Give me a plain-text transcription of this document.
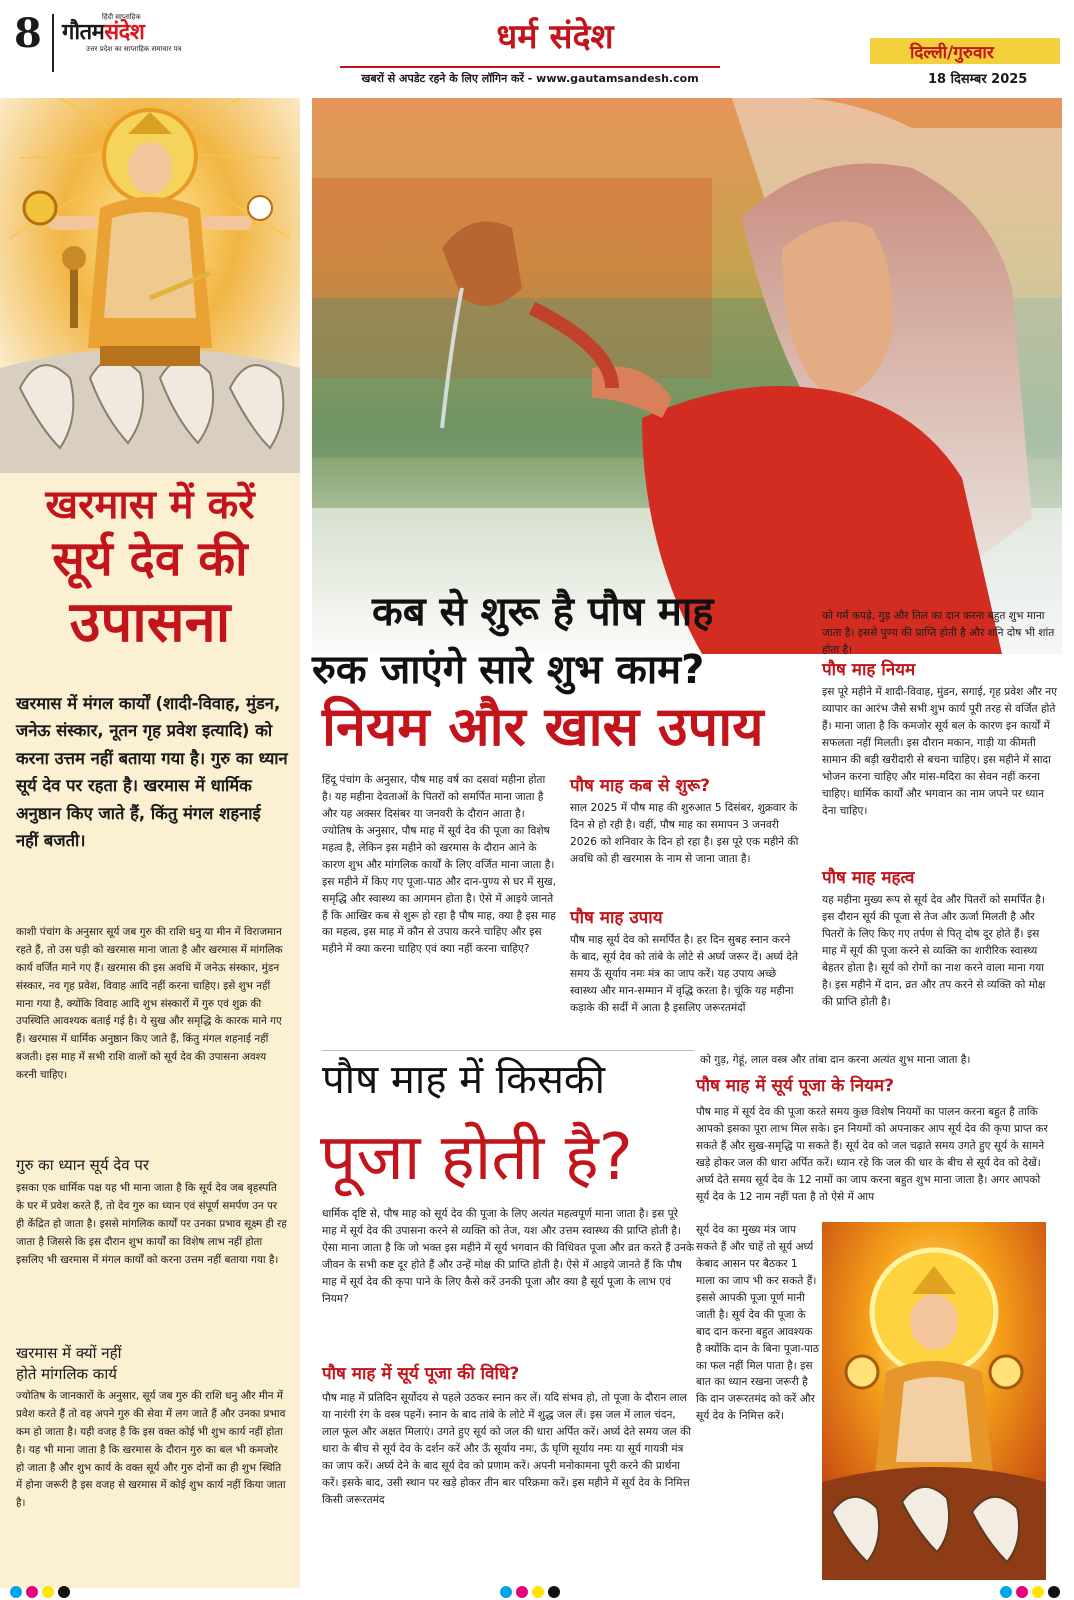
8	हिंदी साप्ताहिक
गौतमसंदेश
उत्तर प्रदेश का साप्ताहिक समाचार पत्र	धर्म संदेश
खबरों से अपडेट रहने के लिए लॉगिन करें - www.gautamsandesh.com
दिल्ली/गुरुवार
18 दिसम्बर 2025
खरमास में करें
सूर्य देव की
उपासना

खरमास में मंगल कार्यों (शादी-विवाह, मुंडन, जनेऊ संस्कार, नूतन गृह प्रवेश इत्यादि) को करना उत्तम नहीं बताया गया है। गुरु का ध्यान सूर्य देव पर रहता है। खरमास में धार्मिक अनुष्ठान किए जाते हैं, किंतु मंगल शहनाई नहीं बजती।

काशी पंचांग के अनुसार सूर्य जब गुरु की राशि धनु या मीन में विराजमान रहते हैं, तो उस घड़ी को खरमास माना जाता है और खरमास में मांगलिक कार्य वर्जित माने गए हैं। खरमास की इस अवधि में जनेऊ संस्कार, मुंडन संस्कार, नव गृह प्रवेश, विवाह आदि नहीं करना चाहिए। इसे शुभ नहीं माना गया है, क्योंकि विवाह आदि शुभ संस्कारों में गुरु एवं शुक्र की उपस्थिति आवश्यक बताई गई है। ये सुख और समृद्धि के कारक माने गए हैं। खरमास में धार्मिक अनुष्ठान किए जाते हैं, किंतु मंगल शहनाई नहीं बजती। इस माह में सभी राशि वालों को सूर्य देव की उपासना अवश्य करनी चाहिए।

गुरु का ध्यान सूर्य देव पर

इसका एक धार्मिक पक्ष यह भी माना जाता है कि सूर्य देव जब बृहस्पति के घर में प्रवेश करते हैं, तो देव गुरु का ध्यान एवं संपूर्ण समर्पण उन पर ही केंद्रित हो जाता है। इससे मांगलिक कार्यों पर उनका प्रभाव सूक्ष्म ही रह जाता है जिससे कि इस दौरान शुभ कार्यों का विशेष लाभ नहीं होता इसलिए भी खरमास में मंगल कार्यों को करना उत्तम नहीं बताया गया है।

खरमास में क्यों नहीं
होते मांगलिक कार्य

ज्योतिष के जानकारों के अनुसार, सूर्य जब गुरु की राशि धनु और मीन में प्रवेश करते हैं तो वह अपने गुरु की सेवा में लग जाते हैं और उनका प्रभाव कम हो जाता है। यही वजह है कि इस वक्त कोई भी शुभ कार्य नहीं होता है। यह भी माना जाता है कि खरमास के दौरान गुरु का बल भी कमजोर हो जाता है और शुभ कार्य के वक्त सूर्य और गुरु दोनों का ही शुभ स्थिति में होना जरूरी है इस वजह से खरमास में कोई शुभ कार्य नहीं किया जाता है।

कब से शुरू है पौष माह
रुक जाएंगे सारे शुभ काम?
नियम और खास उपाय

हिंदू पंचांग के अनुसार, पौष माह वर्ष का दसवां महीना होता है। यह महीना देवताओं के पितरों को समर्पित माना जाता है और यह अक्सर दिसंबर या जनवरी के दौरान आता है। ज्योतिष के अनुसार, पौष माह में सूर्य देव की पूजा का विशेष महत्व है, लेकिन इस महीने को खरमास के दौरान आने के कारण शुभ और मांगलिक कार्यों के लिए वर्जित माना जाता है। इस महीने में किए गए पूजा-पाठ और दान-पुण्य से घर में सुख, समृद्धि और स्वास्थ्य का आगमन होता है। ऐसे में आइये जानते हैं कि आखिर कब से शुरू हो रहा है पौष माह, क्या है इस माह का महत्व, इस माह में कौन से उपाय करने चाहिए और इस महीने में क्या करना चाहिए एवं क्या नहीं करना चाहिए?

पौष माह कब से शुरू?

साल 2025 में पौष माह की शुरुआत 5 दिसंबर, शुक्रवार के दिन से हो रही है। वहीं, पौष माह का समापन 3 जनवरी 2026 को शनिवार के दिन हो रहा है। इस पूरे एक महीने की अवधि को ही खरमास के नाम से जाना जाता है।

पौष माह उपाय

पौष माह सूर्य देव को समर्पित है। हर दिन सुबह स्नान करने के बाद, सूर्य देव को तांबे के लोटे से अर्घ्य जरूर दें। अर्घ्य देते समय ऊँ सूर्याय नमः मंत्र का जाप करें। यह उपाय अच्छे स्वास्थ्य और मान-सम्मान में वृद्धि करता है। चूंकि यह महीना कड़ाके की सर्दी में आता है इसलिए जरूरतमंदों

को गर्म कपड़े, गुड़ और तिल का दान करना बहुत शुभ माना जाता है। इससे पुण्य की प्राप्ति होती है और शनि दोष भी शांत होता है।

पौष माह नियम

इस पूरे महीने में शादी-विवाह, मुंडन, सगाई, गृह प्रवेश और नए व्यापार का आरंभ जैसे सभी शुभ कार्य पूरी तरह से वर्जित होते हैं। माना जाता है कि कमजोर सूर्य बल के कारण इन कार्यों में सफलता नहीं मिलती। इस दौरान मकान, गाड़ी या कीमती सामान की बड़ी खरीदारी से बचना चाहिए। इस महीने में सादा भोजन करना चाहिए और मांस-मदिरा का सेवन नहीं करना चाहिए। धार्मिक कार्यों और भगवान का नाम जपने पर ध्यान देना चाहिए।

पौष माह महत्व

यह महीना मुख्य रूप से सूर्य देव और पितरों को समर्पित है। इस दौरान सूर्य की पूजा से तेज और ऊर्जा मिलती है और पितरों के लिए किए गए तर्पण से पितृ दोष दूर होते हैं। इस माह में सूर्य की पूजा करने से व्यक्ति का शारीरिक स्वास्थ्य बेहतर होता है। सूर्य को रोगों का नाश करने वाला माना गया है। इस महीने में दान, व्रत और तप करने से व्यक्ति को मोक्ष की प्राप्ति होती है।

को गुड़, गेहूं, लाल वस्त्र और तांबा दान करना अत्यंत शुभ माना जाता है।

पौष माह में किसकी
पूजा होती है?

धार्मिक दृष्टि से, पौष माह को सूर्य देव की पूजा के लिए अत्यंत महत्वपूर्ण माना जाता है। इस पूरे माह में सूर्य देव की उपासना करने से व्यक्ति को तेज, यश और उत्तम स्वास्थ्य की प्राप्ति होती है। ऐसा माना जाता है कि जो भक्त इस महीने में सूर्य भगवान की विधिवत पूजा और व्रत करते हैं उनके जीवन के सभी कष्ट दूर होते हैं और उन्हें मोक्ष की प्राप्ति होती है। ऐसे में आइये जानते हैं कि पौष माह में सूर्य देव की कृपा पाने के लिए कैसे करें उनकी पूजा और क्या है सूर्य पूजा के लाभ एवं नियम?

पौष माह में सूर्य पूजा की विधि?

पौष माह में प्रतिदिन सूर्योदय से पहले उठकर स्नान कर लें। यदि संभव हो, तो पूजा के दौरान लाल या नारंगी रंग के वस्त्र पहनें। स्नान के बाद तांबे के लोटे में शुद्ध जल लें। इस जल में लाल चंदन, लाल फूल और अक्षत मिलाएं। उगते हुए सूर्य को जल की धारा अर्पित करें। अर्घ्य देते समय जल की धारा के बीच से सूर्य देव के दर्शन करें और ऊँ सूर्याय नमः, ऊँ घृणि सूर्याय नमः या सूर्य गायत्री मंत्र का जाप करें। अर्घ्य देने के बाद सूर्य देव को प्रणाम करें। अपनी मनोकामना पूरी करने की प्रार्थना करें। इसके बाद, उसी स्थान पर खड़े होकर तीन बार परिक्रमा करें। इस महीने में सूर्य देव के निमित्त किसी जरूरतमंद

पौष माह में सूर्य पूजा के नियम?

पौष माह में सूर्य देव की पूजा करते समय कुछ विशेष नियमों का पालन करना बहुत है ताकि आपको इसका पूरा लाभ मिल सके। इन नियमों को अपनाकर आप सूर्य देव की कृपा प्राप्त कर सकते हैं और सुख-समृद्धि पा सकते हैं। सूर्य देव को जल चढ़ाते समय उगते हुए सूर्य के सामने खड़े होकर जल की धारा अर्पित करें। ध्यान रहे कि जल की धार के बीच से सूर्य देव को देखें। अर्घ्य देते समय सूर्य देव के 12 नामों का जाप करना बहुत शुभ माना जाता है। अगर आपको सूर्य देव के 12 नाम नहीं पता है तो ऐसे में आप

सूर्य देव का मुख्य मंत्र जाप सकते हैं और चाहें तो सूर्य अर्घ्य केबाद आसन पर बैठकर 1 माला का जाप भी कर सकते हैं। इससे आपकी पूजा पूर्ण मानी जाती है। सूर्य देव की पूजा के बाद दान करना बहुत आवश्यक है क्योंकि दान के बिना पूजा-पाठ का फल नहीं मिल पाता है। इस बात का ध्यान रखना जरूरी है कि दान जरूरतमंद को करें और सूर्य देव के निमित्त करें।
